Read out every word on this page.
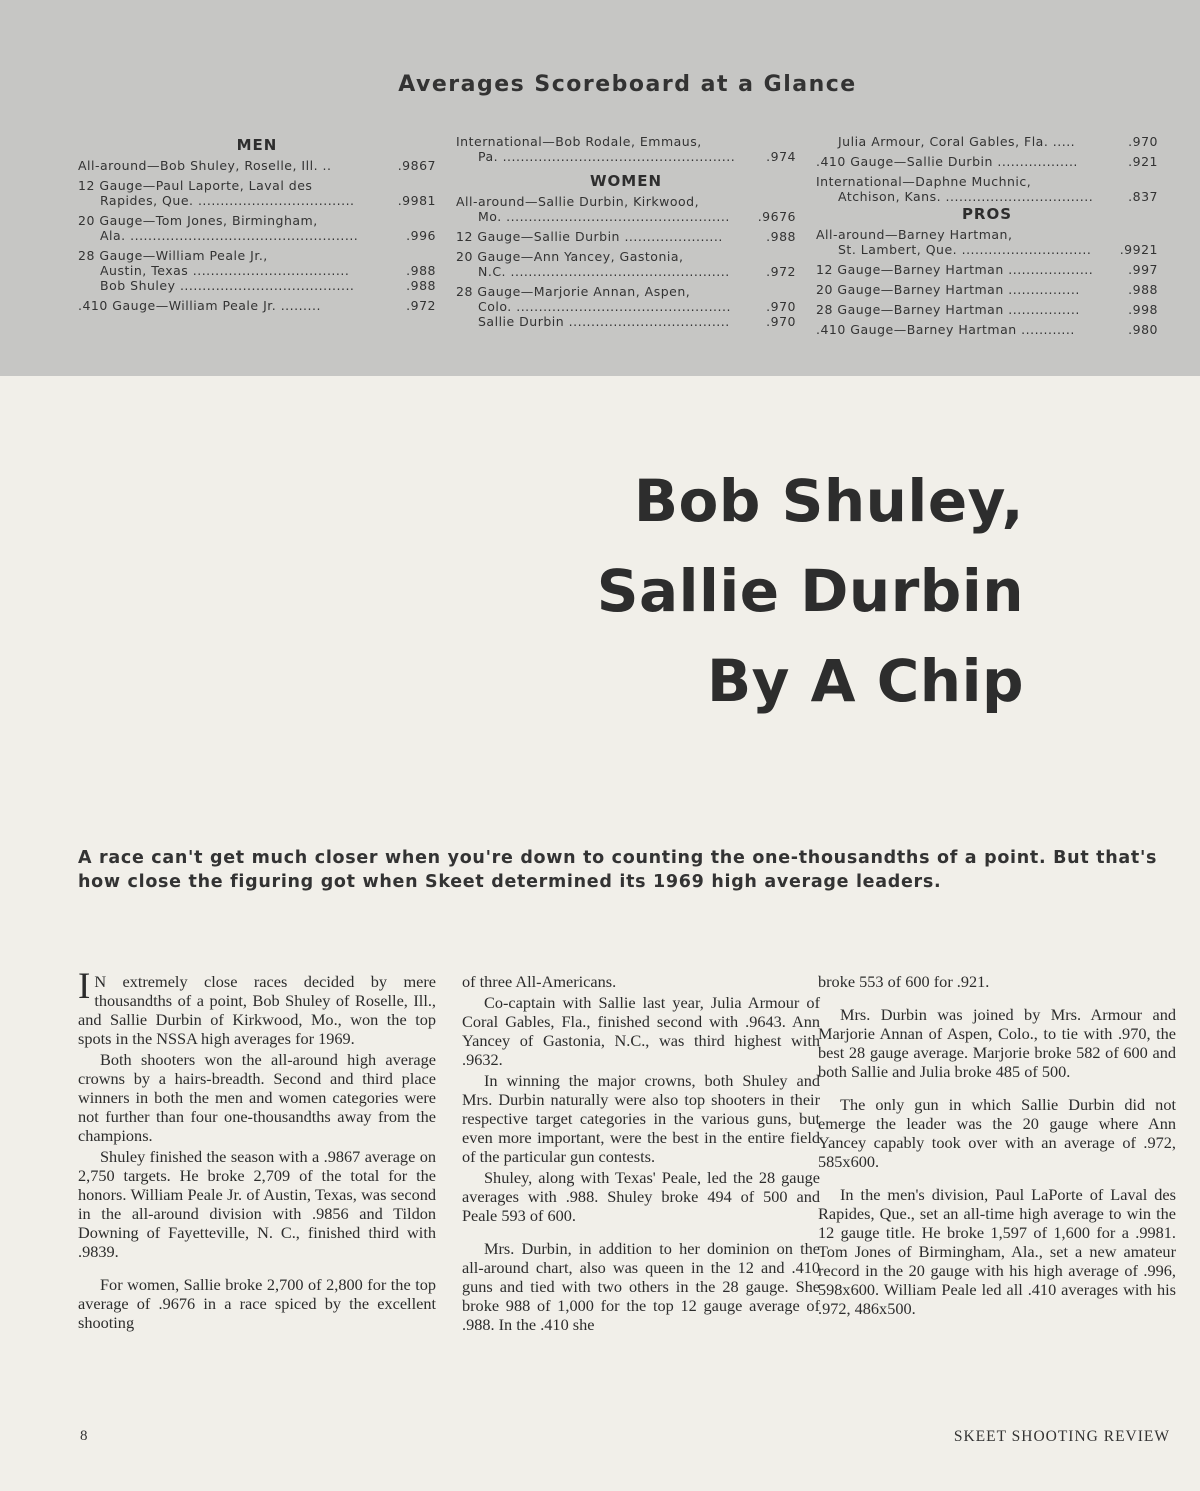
Averages Scoreboard at a Glance
MEN
All-around—Bob Shuley, Roselle, Ill. ..	.9867
12 Gauge—Paul Laporte, Laval des
Rapides, Que. ...................................	.9981
20 Gauge—Tom Jones, Birmingham,
Ala. ...................................................	.996
28 Gauge—William Peale Jr.,
Austin, Texas ...................................	.988
Bob Shuley .......................................	.988
.410 Gauge—William Peale Jr. .........	.972
International—Bob Rodale, Emmaus,
Pa. .................................................... .974
WOMEN
All-around—Sallie Durbin, Kirkwood,
Mo. .................................................. .9676
12 Gauge—Sallie Durbin ......................	.988
20 Gauge—Ann Yancey, Gastonia,
N.C. .................................................	.972
28 Gauge—Marjorie Annan, Aspen,
Colo. ................................................	.970
Sallie Durbin ....................................	.970
Julia Armour, Coral Gables, Fla. .....	.970
.410 Gauge—Sallie Durbin ..................	.921
International—Daphne Muchnic,
Atchison, Kans. .................................	.837
PROS
All-around—Barney Hartman,
St. Lambert, Que. ............................. .9921
12 Gauge—Barney Hartman ...................	.997
20 Gauge—Barney Hartman ................	.988
28 Gauge—Barney Hartman ................	.998
.410 Gauge—Barney Hartman ............	.980
Bob Shuley,
Sallie Durbin
By A Chip
A race can't get much closer when you're down to counting the one-thousandths of a point. But that's how close the figuring got when Skeet determined its 1969 high average leaders.

I N extremely close races decided by mere thousandths of a point, Bob Shuley of Roselle, Ill., and Sallie Durbin of Kirkwood, Mo., won the top spots in the NSSA high averages for 1969.

Both shooters won the all-around high average crowns by a hairs-breadth. Second and third place winners in both the men and women categories were not further than four one-thousandths away from the champions.

Shuley finished the season with a .9867 average on 2,750 targets. He broke 2,709 of the total for the honors. William Peale Jr. of Austin, Texas, was second in the all-around division with .9856 and Tildon Downing of Fayetteville, N. C., finished third with .9839.

For women, Sallie broke 2,700 of 2,800 for the top average of .9676 in a race spiced by the excellent shooting

of three All-Americans.

Co-captain with Sallie last year, Julia Armour of Coral Gables, Fla., finished second with .9643. Ann Yancey of Gastonia, N.C., was third highest with .9632.

In winning the major crowns, both Shuley and Mrs. Durbin naturally were also top shooters in their respective target categories in the various guns, but even more important, were the best in the entire field of the particular gun contests.

Shuley, along with Texas' Peale, led the 28 gauge averages with .988. Shuley broke 494 of 500 and Peale 593 of 600.

Mrs. Durbin, in addition to her dominion on the all-around chart, also was queen in the 12 and .410 guns and tied with two others in the 28 gauge. She broke 988 of 1,000 for the top 12 gauge average of .988. In the .410 she

broke 553 of 600 for .921.

Mrs. Durbin was joined by Mrs. Armour and Marjorie Annan of Aspen, Colo., to tie with .970, the best 28 gauge average. Marjorie broke 582 of 600 and both Sallie and Julia broke 485 of 500.

The only gun in which Sallie Durbin did not emerge the leader was the 20 gauge where Ann Yancey capably took over with an average of .972, 585x600.

In the men's division, Paul LaPorte of Laval des Rapides, Que., set an all-time high average to win the 12 gauge title. He broke 1,597 of 1,600 for a .9981. Tom Jones of Birmingham, Ala., set a new amateur record in the 20 gauge with his high average of .996, 598x600. William Peale led all .410 averages with his .972, 486x500.

8	SKEET SHOOTING REVIEW
